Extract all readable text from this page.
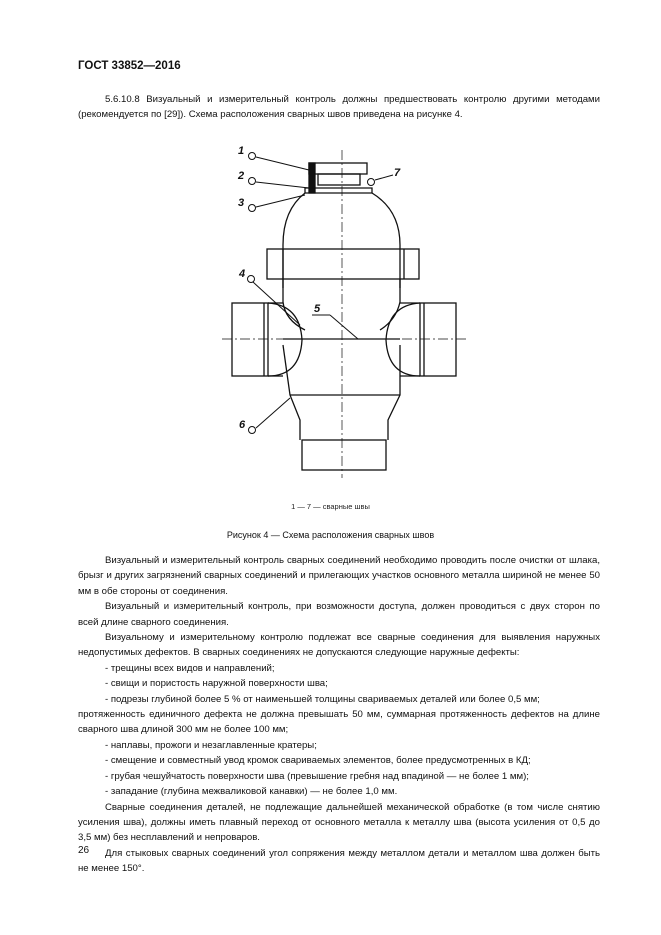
ГОСТ 33852—2016

5.6.10.8 Визуальный и измерительный контроль должны предшествовать контролю другими методами (рекомендуется по [29]). Схема расположения сварных швов приведена на рисунке 4.

1
2
3
4
5
6
7
1 — 7 — сварные швы
Рисунок 4 — Схема расположения сварных швов
Визуальный и измерительный контроль сварных соединений необходимо проводить после очистки от шлака, брызг и других загрязнений сварных соединений и прилегающих участков основного металла шириной не менее 50 мм в обе стороны от соединения.
Визуальный и измерительный контроль, при возможности доступа, должен проводиться с двух сторон по всей длине сварного соединения.
Визуальному и измерительному контролю подлежат все сварные соединения для выявления наружных недопустимых дефектов. В сварных соединениях не допускаются следующие наружные дефекты:
- трещины всех видов и направлений;
- свищи и пористость наружной поверхности шва;
- подрезы глубиной более 5 % от наименьшей толщины свариваемых деталей или более 0,5 мм;
протяженность единичного дефекта не должна превышать 50 мм, суммарная протяженность дефектов на длине сварного шва длиной 300 мм не более 100 мм;
- наплавы, прожоги и незаглавленные кратеры;
- смещение и совместный увод кромок свариваемых элементов, более предусмотренных в КД;
- грубая чешуйчатость поверхности шва (превышение гребня над впадиной — не более 1 мм);
- западание (глубина межваликовой канавки) — не более 1,0 мм.
Сварные соединения деталей, не подлежащие дальнейшей механической обработке (в том числе снятию усиления шва), должны иметь плавный переход от основного металла к металлу шва (высота усиления от 0,5 до 3,5 мм) без несплавлений и непроваров.
Для стыковых сварных соединений угол сопряжения между металлом детали и металлом шва должен быть не менее 150°.
26
